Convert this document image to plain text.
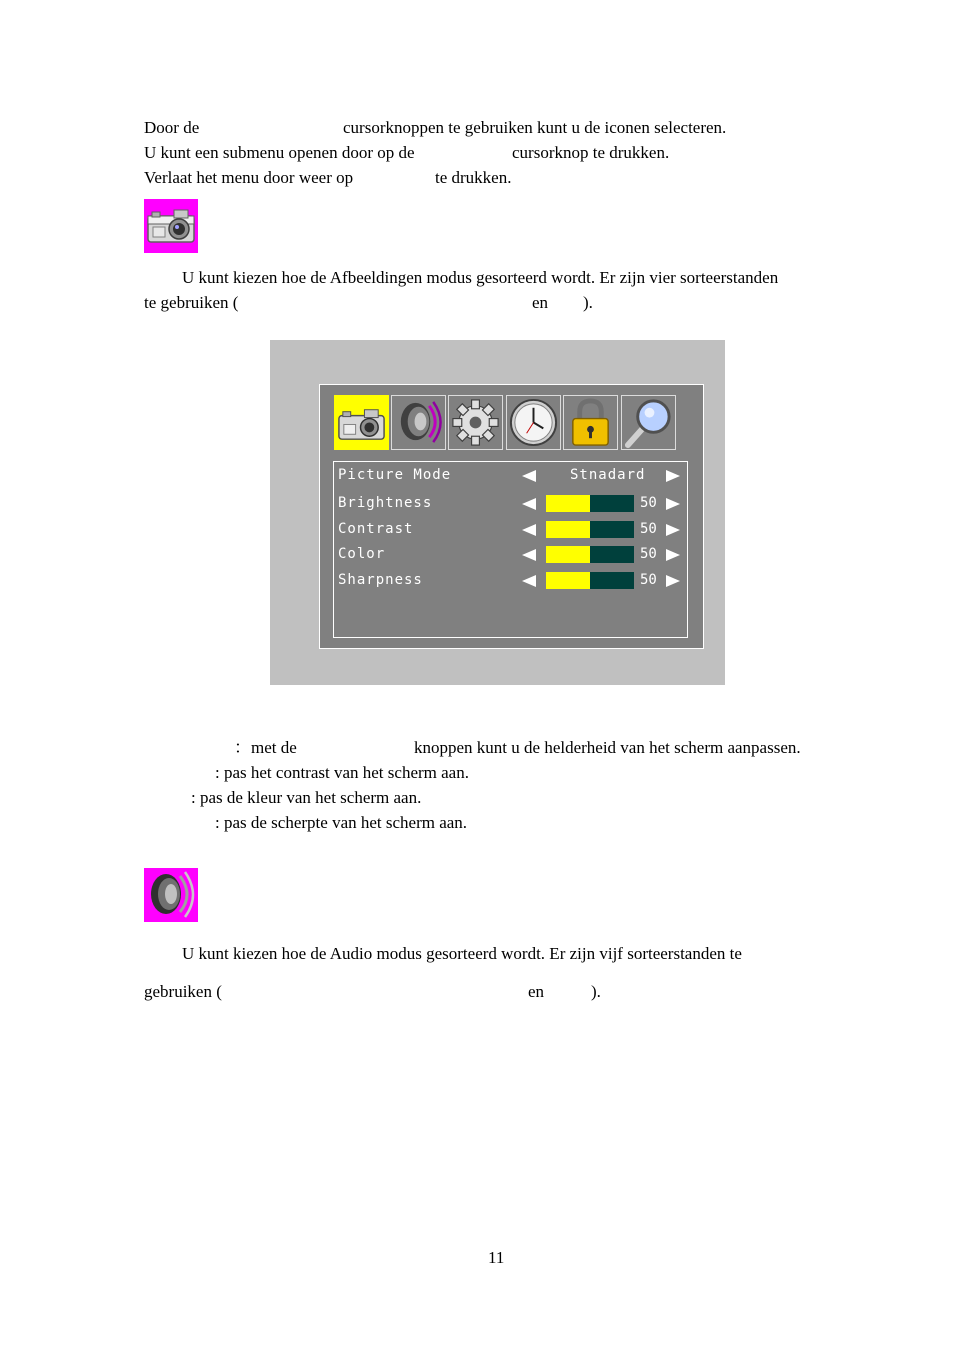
Door de	cursorknoppen te gebruiken kunt u de iconen selecteren.
U kunt een submenu openen door op de	cursorknop te drukken.
Verlaat het menu door weer op	te drukken.
U kunt kiezen hoe de Afbeeldingen modus gesorteerd wordt. Er zijn vier sorteerstanden
te gebruiken (	en ).
Picture Mode	Stnadard
Brightness	50
Contrast	50
Color	50
Sharpness	50
：met de	knoppen kunt u de helderheid van het scherm aanpassen.
: pas het contrast van het scherm aan.
: pas de kleur van het scherm aan.
: pas de scherpte van het scherm aan.
U kunt kiezen hoe de Audio modus gesorteerd wordt. Er zijn vijf sorteerstanden te
gebruiken (	en	).
11
